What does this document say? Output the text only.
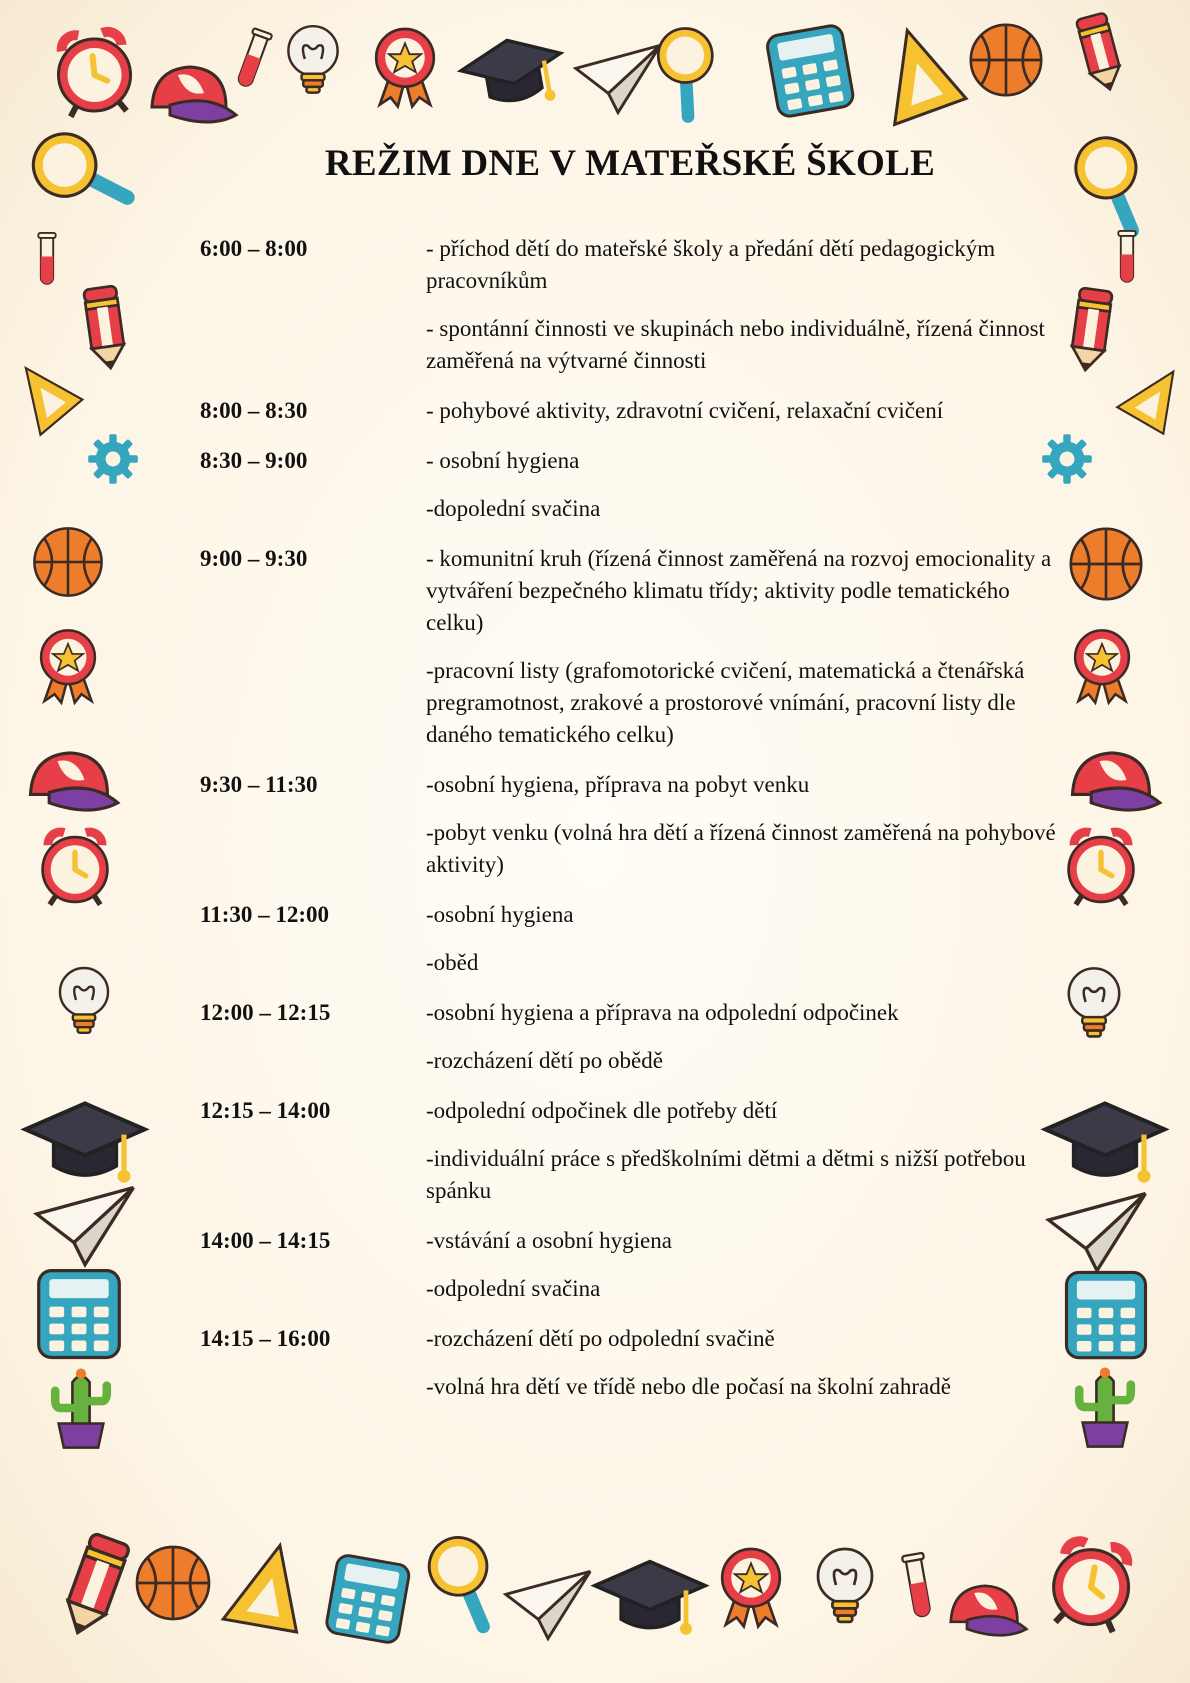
REŽIM DNE V MATEŘSKÉ ŠKOLE
6:00 – 8:00	- příchod dětí do mateřské školy a předání dětí pedagogickým pracovníkům
- spontánní činnosti ve skupinách nebo individuálně, řízená činnost zaměřená na výtvarné činnosti
8:00 – 8:30	- pohybové aktivity, zdravotní cvičení, relaxační cvičení
8:30 – 9:00	- osobní hygiena
-dopolední svačina
9:00 – 9:30	- komunitní kruh (řízená činnost zaměřená na rozvoj emocionality a vytváření bezpečného klimatu třídy; aktivity podle tematického celku)
-pracovní listy (grafomotorické cvičení, matematická a čtenářská pregramotnost, zrakové a prostorové vnímání, pracovní listy dle daného tematického celku)
9:30 – 11:30	-osobní hygiena, příprava na pobyt venku
-pobyt venku (volná hra dětí a řízená činnost zaměřená na pohybové aktivity)
11:30 – 12:00	-osobní hygiena
-oběd
12:00 – 12:15	-osobní hygiena a příprava na odpolední odpočinek
-rozcházení dětí po obědě
12:15 – 14:00	-odpolední odpočinek dle potřeby dětí
-individuální práce s předškolními dětmi a dětmi s nižší potřebou spánku
14:00 – 14:15	-vstávání a osobní hygiena
-odpolední svačina
14:15 – 16:00	-rozcházení dětí po odpolední svačině
-volná hra dětí ve třídě nebo dle počasí na školní zahradě
